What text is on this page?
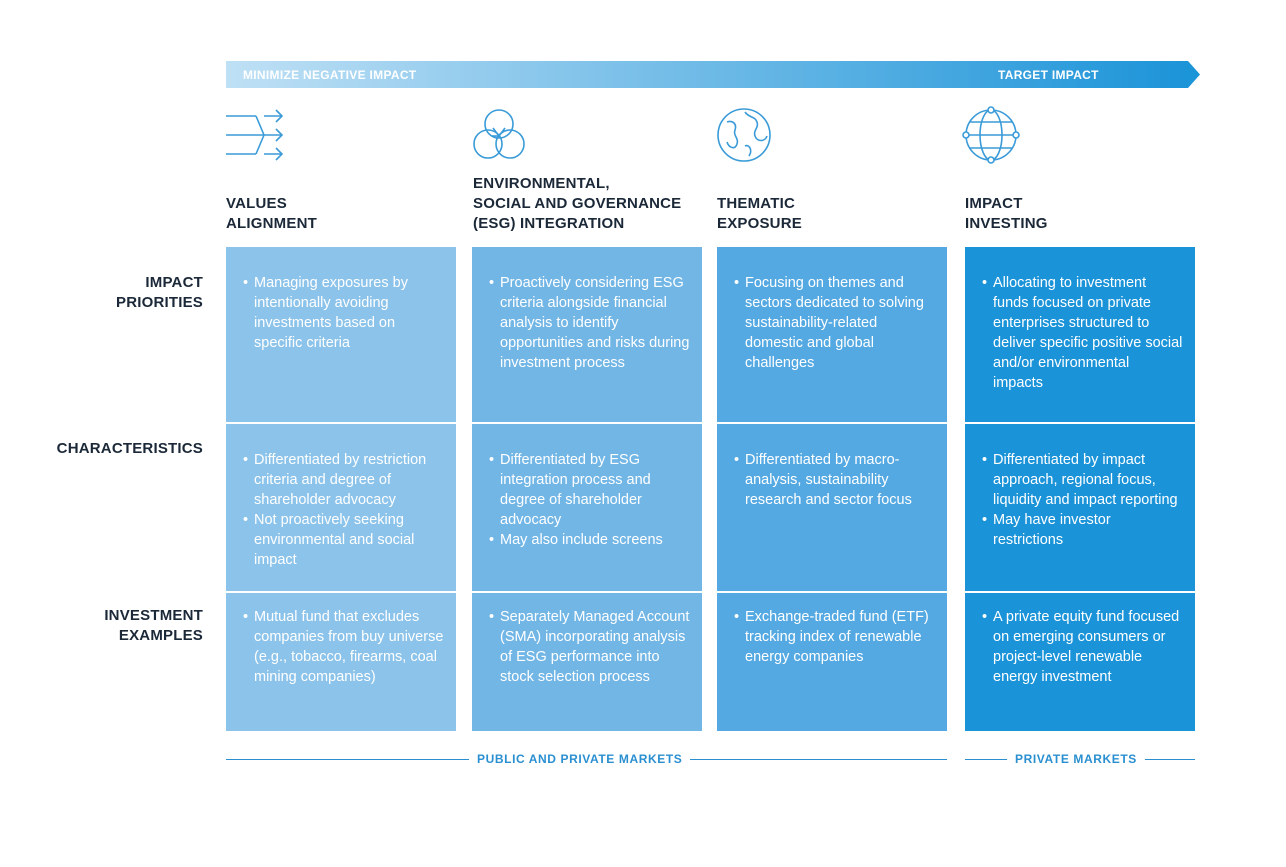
MINIMIZE NEGATIVE IMPACT	TARGET IMPACT
VALUES
ALIGNMENT
ENVIRONMENTAL,
SOCIAL AND GOVERNANCE
(ESG) INTEGRATION
THEMATIC
EXPOSURE
IMPACT
INVESTING
IMPACT
PRIORITIES
CHARACTERISTICS
INVESTMENT
EXAMPLES
• Managing exposures by intentionally avoiding investments based on specific criteria
• Proactively considering ESG criteria alongside financial analysis to identify opportunities and risks during investment process
• Focusing on themes and sectors dedicated to solving sustainability-related domestic and global challenges
• Allocating to investment funds focused on private enterprises structured to deliver specific positive social and/or environmental impacts
• Differentiated by restriction criteria and degree of shareholder advocacy
• Not proactively seeking environmental and social impact
• Differentiated by ESG integration process and degree of shareholder advocacy
• May also include screens
• Differentiated by macro-analysis, sustainability research and sector focus
• Differentiated by impact approach, regional focus, liquidity and impact reporting
• May have investor restrictions
• Mutual fund that excludes companies from buy universe (e.g., tobacco, firearms, coal mining companies)
• Separately Managed Account (SMA) incorporating analysis of ESG performance into stock selection process
• Exchange-traded fund (ETF) tracking index of renewable energy companies
• A private equity fund focused on emerging consumers or project-level renewable energy investment
PUBLIC AND PRIVATE MARKETS	PRIVATE MARKETS
